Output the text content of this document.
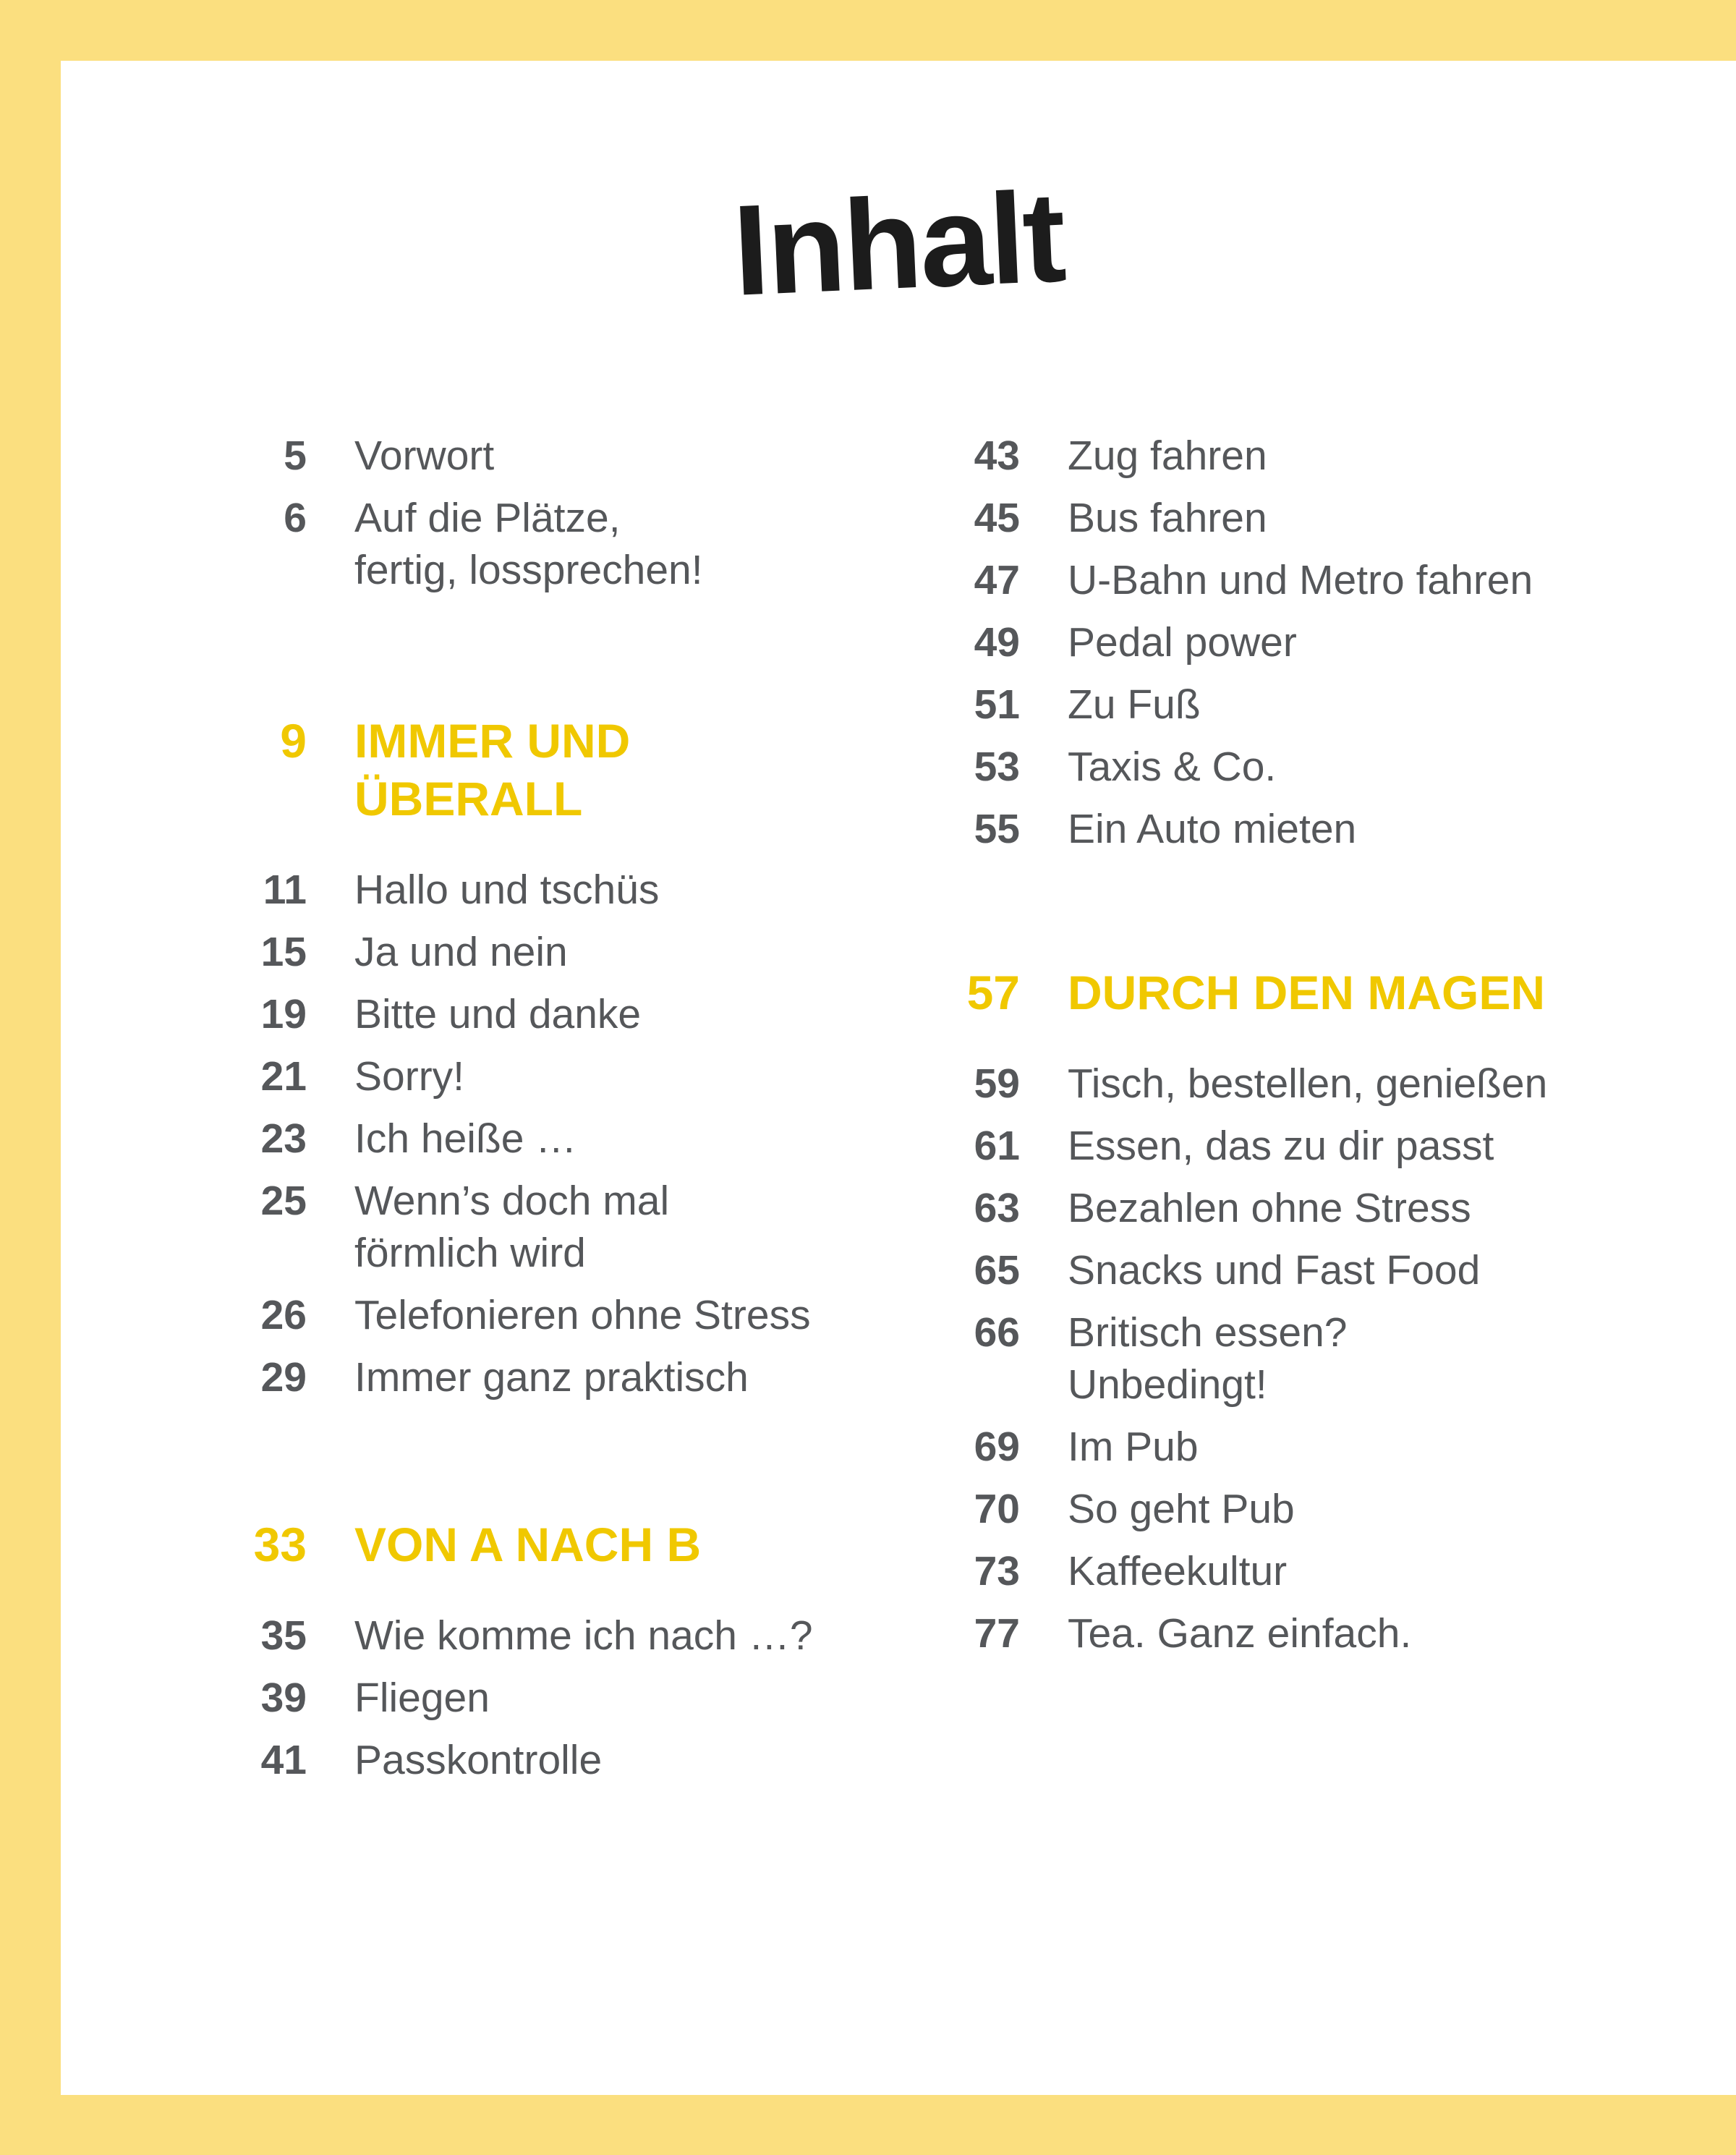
Inhalt
5 Vorwort
6 Auf die Plätze,
fertig, lossprechen!
9 IMMER UND
ÜBERALL
11 Hallo und tschüs
15 Ja und nein
19 Bitte und danke
21 Sorry!
23 Ich heiße …
25 Wenn’s doch mal
förmlich wird
26 Telefonieren ohne Stress
29 Immer ganz praktisch
33 VON A NACH B
35 Wie komme ich nach …?
39 Fliegen
41 Passkontrolle
43 Zug fahren
45 Bus fahren
47 U-Bahn und Metro fahren
49 Pedal power
51 Zu Fuß
53 Taxis & Co.
55 Ein Auto mieten
57 DURCH DEN MAGEN
59 Tisch, bestellen, genießen
61 Essen, das zu dir passt
63 Bezahlen ohne Stress
65 Snacks und Fast Food
66 Britisch essen?
Unbedingt!
69 Im Pub
70 So geht Pub
73 Kaffeekultur
77 Tea. Ganz einfach.
